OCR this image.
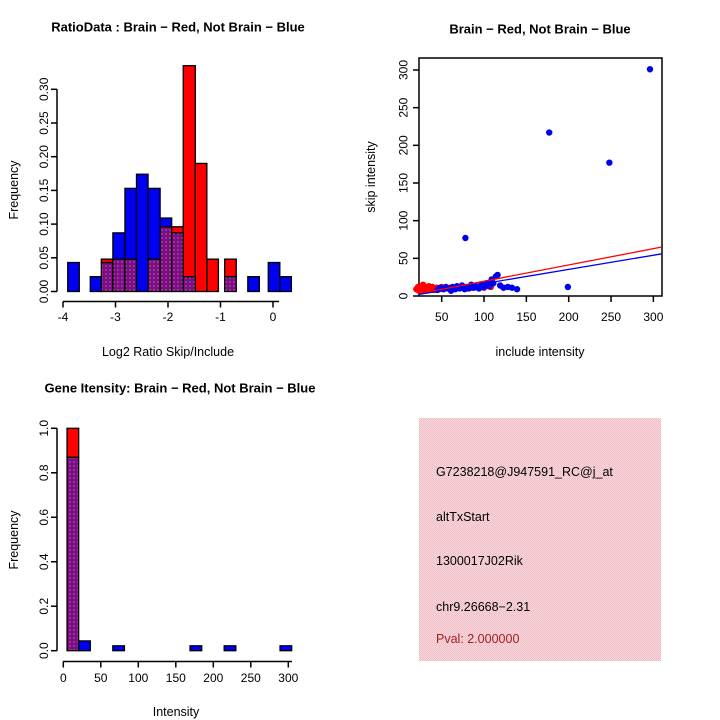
0.00
0.05
0.10
0.15
0.20
0.25
0.30
-4	-3	-2	-1	0
RatioData : Brain − Red, Not Brain − Blue
Log2 Ratio Skip/Include
Frequency
50 100 150 200 250 300
0
50
100
150
200
250
300
Brain − Red, Not Brain − Blue
include intensity
skip intensity
0.0
0.2
0.4
0.6
0.8
1.0
0 50 100 150 200 250 300
Gene Itensity: Brain − Red, Not Brain − Blue
Intensity
Frequency
G7238218@J947591_RC@j_at
altTxStart
1300017J02Rik
chr9.26668−2.31
Pval: 2.000000
